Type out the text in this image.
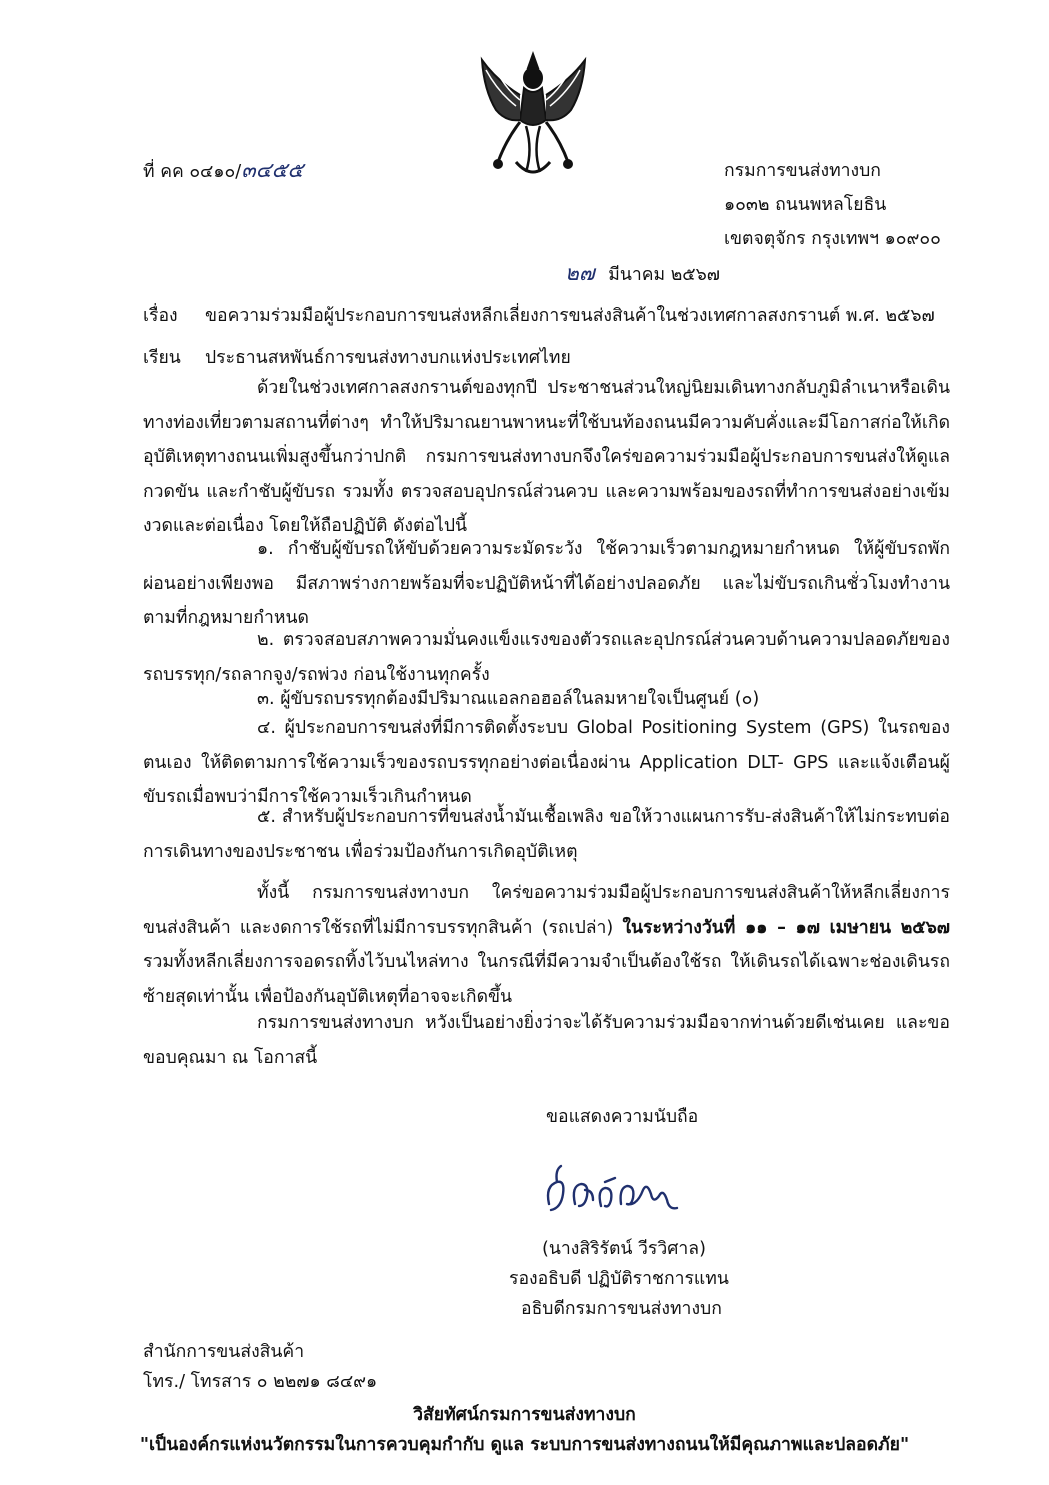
ที่ คค ๐๔๑๐/๓๔๕๕	กรมการขนส่งทางบก
๑๐๓๒ ถนนพหลโยธิน
เขตจตุจักร กรุงเทพฯ ๑๐๙๐๐
๒๗ มีนาคม ๒๕๖๗
เรื่อง ขอความร่วมมือผู้ประกอบการขนส่งหลีกเลี่ยงการขนส่งสินค้าในช่วงเทศกาลสงกรานต์ พ.ศ. ๒๕๖๗
เรียน ประธานสหพันธ์การขนส่งทางบกแห่งประเทศไทย
ด้วยในช่วงเทศกาลสงกรานต์ของทุกปี ประชาชนส่วนใหญ่นิยมเดินทางกลับภูมิลำเนาหรือเดินทางท่องเที่ยวตามสถานที่ต่างๆ ทำให้ปริมาณยานพาหนะที่ใช้บนท้องถนนมีความคับคั่งและมีโอกาสก่อให้เกิดอุบัติเหตุทางถนนเพิ่มสูงขึ้นกว่าปกติ กรมการขนส่งทางบกจึงใคร่ขอความร่วมมือผู้ประกอบการขนส่งให้ดูแลกวดขัน และกำชับผู้ขับรถ รวมทั้ง ตรวจสอบอุปกรณ์ส่วนควบ และความพร้อมของรถที่ทำการขนส่งอย่างเข้มงวดและต่อเนื่อง โดยให้ถือปฏิบัติ ดังต่อไปนี้
๑. กำชับผู้ขับรถให้ขับด้วยความระมัดระวัง ใช้ความเร็วตามกฎหมายกำหนด ให้ผู้ขับรถพักผ่อนอย่างเพียงพอ มีสภาพร่างกายพร้อมที่จะปฏิบัติหน้าที่ได้อย่างปลอดภัย และไม่ขับรถเกินชั่วโมงทำงานตามที่กฎหมายกำหนด
๒. ตรวจสอบสภาพความมั่นคงแข็งแรงของตัวรถและอุปกรณ์ส่วนควบด้านความปลอดภัยของรถบรรทุก/รถลากจูง/รถพ่วง ก่อนใช้งานทุกครั้ง
๓. ผู้ขับรถบรรทุกต้องมีปริมาณแอลกอฮอล์ในลมหายใจเป็นศูนย์ (๐)
๔. ผู้ประกอบการขนส่งที่มีการติดตั้งระบบ Global Positioning System (GPS) ในรถของตนเอง ให้ติดตามการใช้ความเร็วของรถบรรทุกอย่างต่อเนื่องผ่าน Application DLT- GPS และแจ้งเตือนผู้ขับรถเมื่อพบว่ามีการใช้ความเร็วเกินกำหนด
๕. สำหรับผู้ประกอบการที่ขนส่งน้ำมันเชื้อเพลิง ขอให้วางแผนการรับ-ส่งสินค้าให้ไม่กระทบต่อการเดินทางของประชาชน เพื่อร่วมป้องกันการเกิดอุบัติเหตุ
ทั้งนี้ กรมการขนส่งทางบก ใคร่ขอความร่วมมือผู้ประกอบการขนส่งสินค้าให้หลีกเลี่ยงการขนส่งสินค้า และงดการใช้รถที่ไม่มีการบรรทุกสินค้า (รถเปล่า) ในระหว่างวันที่ ๑๑ – ๑๗ เมษายน ๒๕๖๗ รวมทั้งหลีกเลี่ยงการจอดรถทิ้งไว้บนไหล่ทาง ในกรณีที่มีความจำเป็นต้องใช้รถ ให้เดินรถได้เฉพาะช่องเดินรถซ้ายสุดเท่านั้น เพื่อป้องกันอุบัติเหตุที่อาจจะเกิดขึ้น
กรมการขนส่งทางบก หวังเป็นอย่างยิ่งว่าจะได้รับความร่วมมือจากท่านด้วยดีเช่นเคย และขอขอบคุณมา ณ โอกาสนี้
ขอแสดงความนับถือ
(นางสิริรัตน์ วีรวิศาล)
รองอธิบดี ปฏิบัติราชการแทน
อธิบดีกรมการขนส่งทางบก
สำนักการขนส่งสินค้า
โทร./ โทรสาร ๐ ๒๒๗๑ ๘๔๙๑
วิสัยทัศน์กรมการขนส่งทางบก
"เป็นองค์กรแห่งนวัตกรรมในการควบคุมกำกับ ดูแล ระบบการขนส่งทางถนนให้มีคุณภาพและปลอดภัย"
